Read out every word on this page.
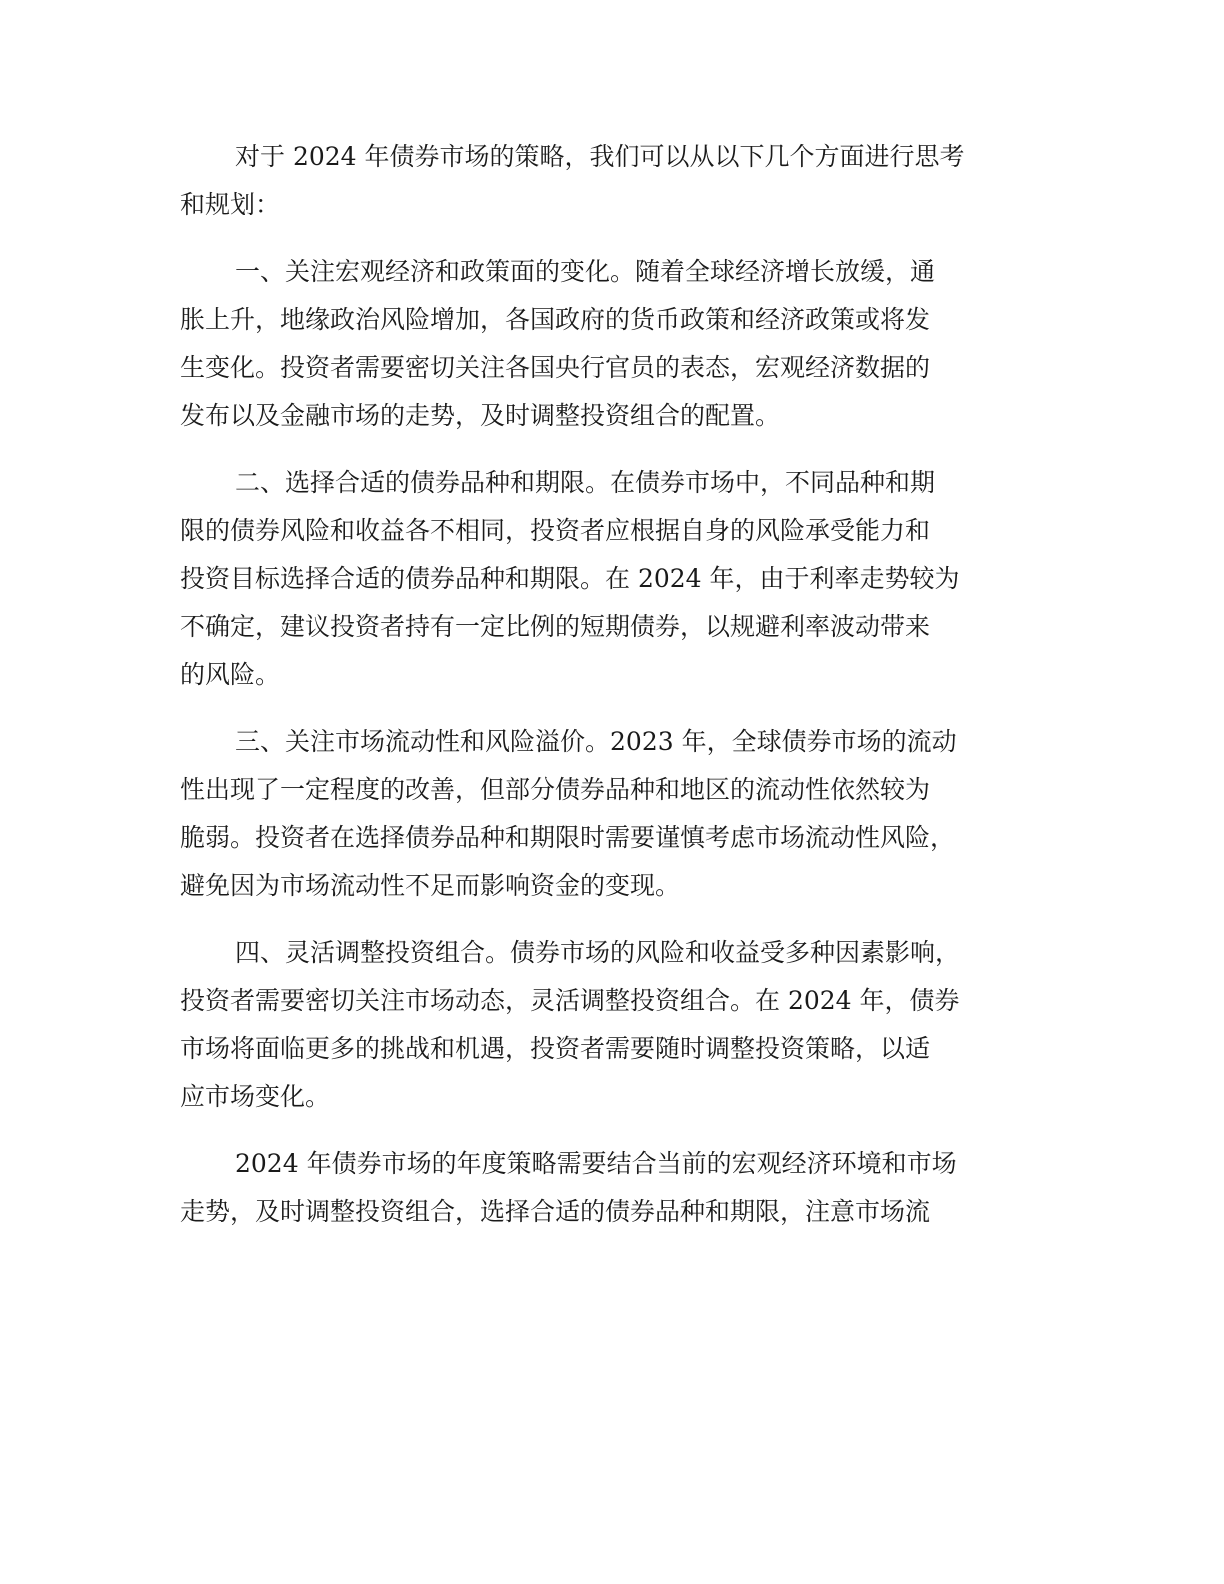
对于 2024 年债券市场的策略，我们可以从以下几个方面进行思考
和规划：
一、关注宏观经济和政策面的变化。随着全球经济增长放缓，通
胀上升，地缘政治风险增加，各国政府的货币政策和经济政策或将发
生变化。投资者需要密切关注各国央行官员的表态，宏观经济数据的
发布以及金融市场的走势，及时调整投资组合的配置。
二、选择合适的债券品种和期限。在债券市场中，不同品种和期
限的债券风险和收益各不相同，投资者应根据自身的风险承受能力和
投资目标选择合适的债券品种和期限。在 2024 年，由于利率走势较为
不确定，建议投资者持有一定比例的短期债券，以规避利率波动带来
的风险。
三、关注市场流动性和风险溢价。2023 年，全球债券市场的流动
性出现了一定程度的改善，但部分债券品种和地区的流动性依然较为
脆弱。投资者在选择债券品种和期限时需要谨慎考虑市场流动性风险，
避免因为市场流动性不足而影响资金的变现。
四、灵活调整投资组合。债券市场的风险和收益受多种因素影响，
投资者需要密切关注市场动态，灵活调整投资组合。在 2024 年，债券
市场将面临更多的挑战和机遇，投资者需要随时调整投资策略，以适
应市场变化。
2024 年债券市场的年度策略需要结合当前的宏观经济环境和市场
走势，及时调整投资组合，选择合适的债券品种和期限，注意市场流
